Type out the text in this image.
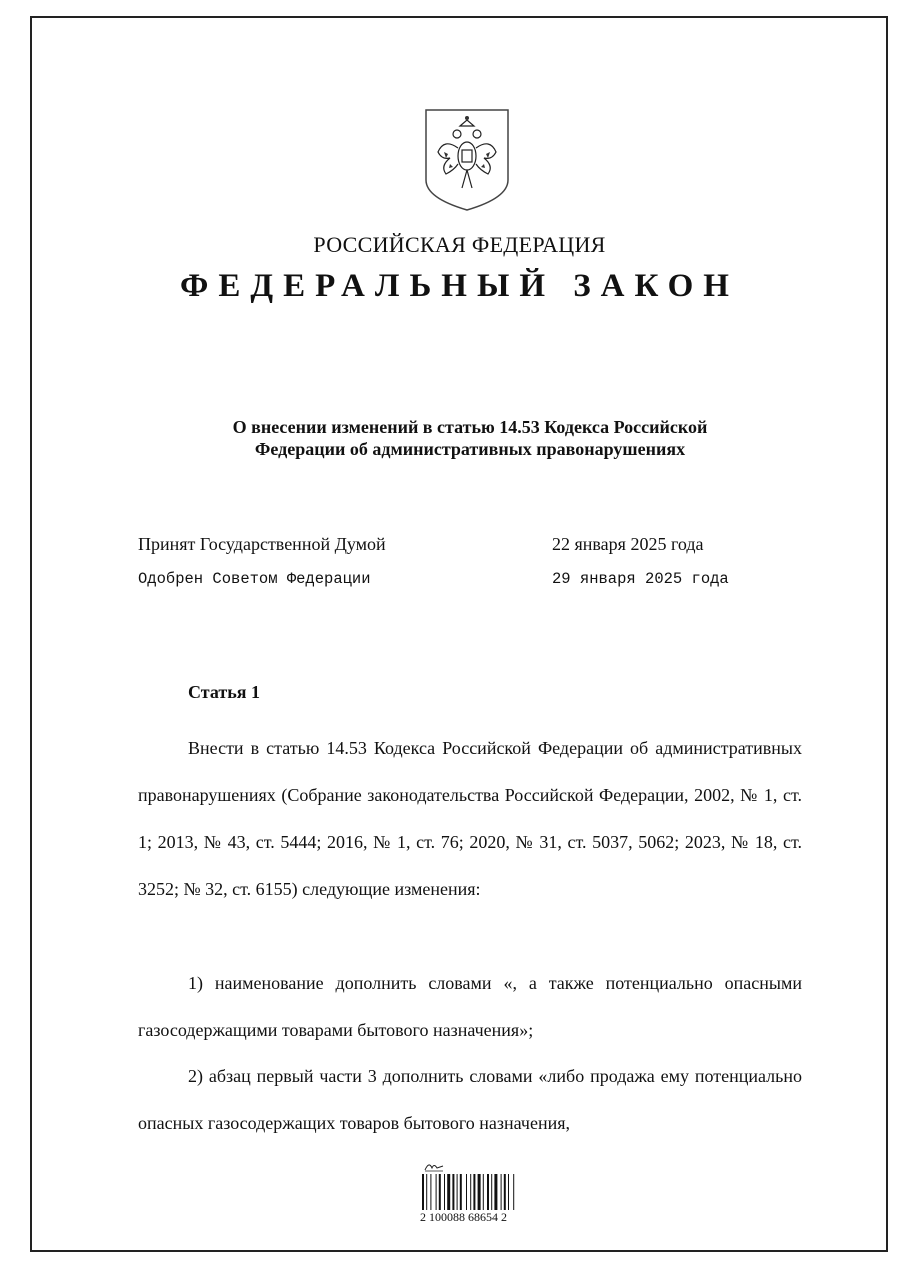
РОССИЙСКАЯ ФЕДЕРАЦИЯ
ФЕДЕРАЛЬНЫЙ ЗАКОН
О внесении изменений в статью 14.53 Кодекса Российской
Федерации об административных правонарушениях
Принят Государственной Думой	22 января 2025 года
Одобрен Советом Федерации	29 января 2025 года
Статья 1

Внести в статью 14.53 Кодекса Российской Федерации об административных правонарушениях (Собрание законодательства Российской Федерации, 2002, № 1, ст. 1; 2013, № 43, ст. 5444; 2016, № 1, ст. 76; 2020, № 31, ст. 5037, 5062; 2023, № 18, ст. 3252; № 32, ст. 6155) следующие изменения:

1) наименование дополнить словами «, а также потенциально опасными газосодержащими товарами бытового назначения»;

2) абзац первый части 3 дополнить словами «либо продажа ему потенциально опасных газосодержащих товаров бытового назначения,

2 100088 68654 2
